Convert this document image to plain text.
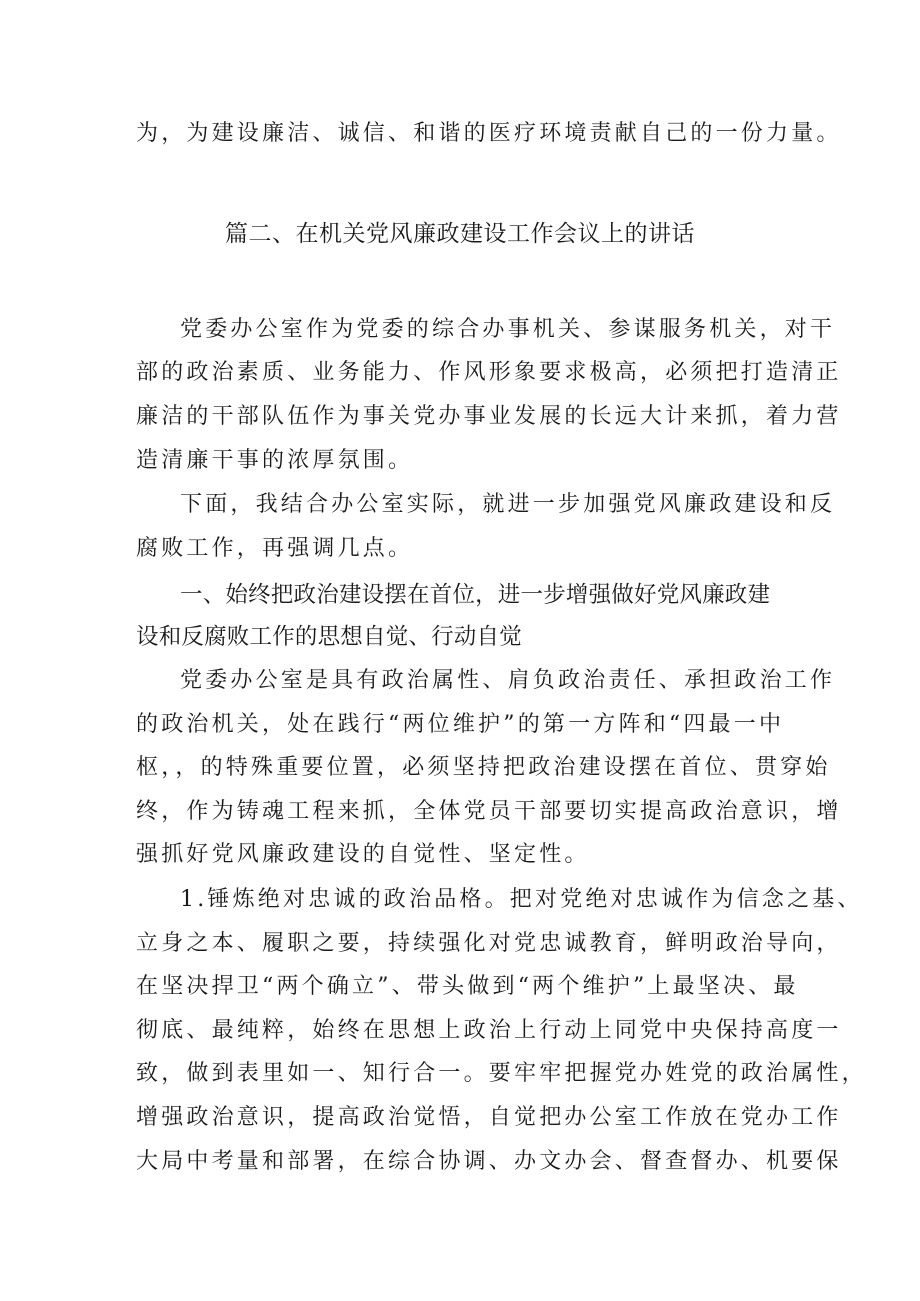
为，为建设廉洁、诚信、和谐的医疗环境责献自己的一份力量。
篇二、在机关党风廉政建设工作会议上的讲话
党委办公室作为党委的综合办事机关、参谋服务机关，对干
部的政治素质、业务能力、作风形象要求极高，必须把打造清正
廉洁的干部队伍作为事关党办事业发展的长远大计来抓，着力营
造清廉干事的浓厚氛围。
下面，我结合办公室实际，就进一步加强党风廉政建设和反
腐败工作，再强调几点。
一、始终把政治建设摆在首位，进一步增强做好党风廉政建
设和反腐败工作的思想自觉、行动自觉
党委办公室是具有政治属性、肩负政治责任、承担政治工作
的政治机关，处在践行“两位维护”的第一方阵和“四最一中
枢，，的特殊重要位置，必须坚持把政治建设摆在首位、贯穿始
终，作为铸魂工程来抓，全体党员干部要切实提高政治意识，增
强抓好党风廉政建设的自觉性、坚定性。
1.锤炼绝对忠诚的政治品格。把对党绝对忠诚作为信念之基、
立身之本、履职之要，持续强化对党忠诚教育，鲜明政治导向，
在坚决捍卫“两个确立”、带头做到“两个维护”上最坚决、最
彻底、最纯粹，始终在思想上政治上行动上同党中央保持高度一
致，做到表里如一、知行合一。要牢牢把握党办姓党的政治属性，
增强政治意识，提高政治觉悟，自觉把办公室工作放在党办工作
大局中考量和部署，在综合协调、办文办会、督查督办、机要保
